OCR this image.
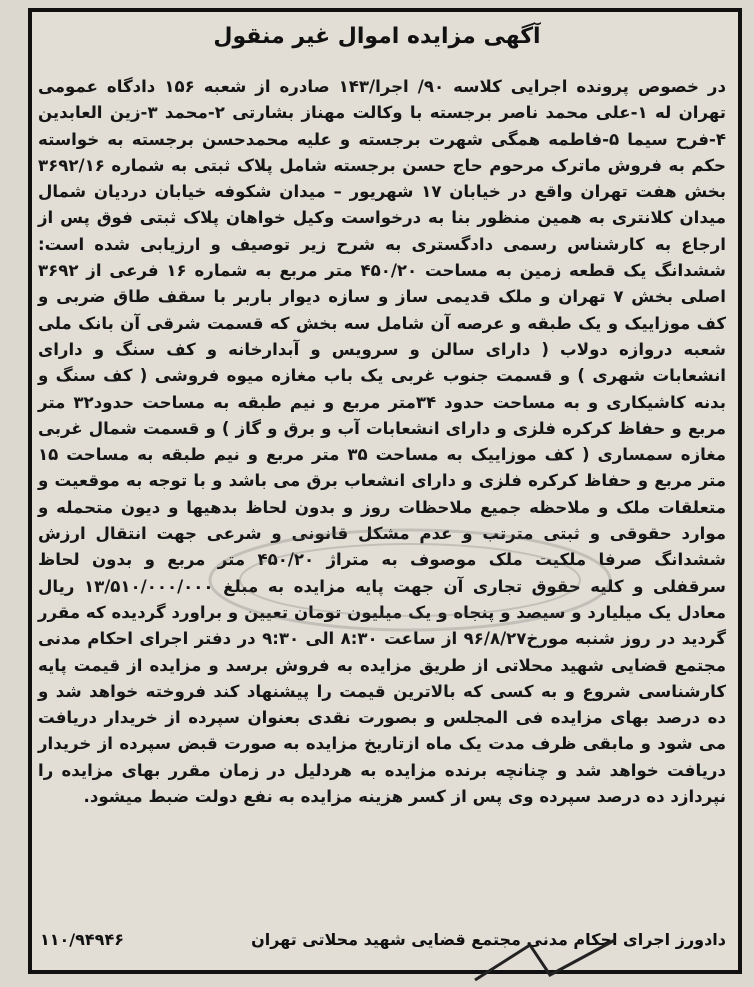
آگهی مزایده اموال غیر منقول

در خصوص پرونده اجرایی کلاسه ۹۰/ اجرا/۱۴۳ صادره از شعبه ۱۵۶ دادگاه عمومی تهران له ۱-علی محمد ناصر برجسته با وکالت مهناز بشارتی ۲-محمد ۳-زین العابدین ۴-فرح سیما ۵-فاطمه همگی شهرت برجسته و علیه محمدحسن برجسته به خواسته حکم به فروش ماترک مرحوم حاج حسن برجسته شامل پلاک ثبتی به شماره ۳۶۹۲/۱۶ بخش هفت تهران واقع در خیابان ۱۷ شهریور – میدان شکوفه خیابان دردیان شمال میدان کلانتری به همین منظور بنا به درخواست وکیل خواهان پلاک ثبتی فوق پس از ارجاع به کارشناس رسمی دادگستری به شرح زیر توصیف و ارزیابی شده است: ششدانگ یک قطعه زمین به مساحت ۴۵۰/۲۰ متر مربع به شماره ۱۶ فرعی از ۳۶۹۲ اصلی بخش ۷ تهران و ملک قدیمی ساز و سازه دیوار باربر با سقف طاق ضربی و کف موزاییک و یک طبقه و عرصه آن شامل سه بخش که قسمت شرقی آن بانک ملی شعبه دروازه دولاب ( دارای سالن و سرویس و آبدارخانه و کف سنگ و دارای انشعابات شهری ) و قسمت جنوب غربی یک باب مغازه میوه فروشی ( کف سنگ و بدنه کاشیکاری و به مساحت حدود ۳۴متر مربع و نیم طبقه به مساحت حدود۳۲ متر مربع و حفاظ کرکره فلزی و دارای انشعابات آب و برق و گاز ) و قسمت شمال غربی مغازه سمساری ( کف موزاییک به مساحت ۳۵ متر مربع و نیم طبقه به مساحت ۱۵ متر مربع و حفاظ کرکره فلزی و دارای انشعاب برق می باشد و با توجه به موقعیت و متعلقات ملک و ملاحظه جمیع ملاحظات روز و بدون لحاظ بدهیها و دیون متحمله و موارد حقوقی و ثبتی مترتب و عدم مشکل قانونی و شرعی جهت انتقال ارزش ششدانگ صرفا ملکیت ملک موصوف به متراژ ۴۵۰/۲۰ متر مربع و بدون لحاظ سرقفلی و کلیه حقوق تجاری آن جهت پایه مزایده به مبلغ ۱۳/۵۱۰/۰۰۰/۰۰۰ ریال معادل یک میلیارد و سیصد و پنجاه و یک میلیون تومان تعیین و براورد گردیده که مقرر گردید در روز شنبه مورخ۹۶/۸/۲۷ از ساعت ۸:۳۰ الی ۹:۳۰ در دفتر اجرای احکام مدنی مجتمع قضایی شهید محلاتی از طریق مزایده به فروش برسد و مزایده از قیمت پایه کارشناسی شروع و به کسی که بالاترین قیمت را پیشنهاد کند فروخته خواهد شد و ده درصد بهای مزایده فی المجلس و بصورت نقدی بعنوان سپرده از خریدار دریافت می شود و مابقی ظرف مدت یک ماه ازتاریخ مزایده به صورت قبض سپرده از خریدار دریافت خواهد شد و چنانچه برنده مزایده به هردلیل در زمان مقرر بهای مزایده را نپردازد ده درصد سپرده وی پس از کسر هزینه مزایده به نفع دولت ضبط میشود.

۱۱۰/۹۴۹۴۶	دادورز اجرای احکام مدنی مجتمع قضایی شهید محلاتی تهران
